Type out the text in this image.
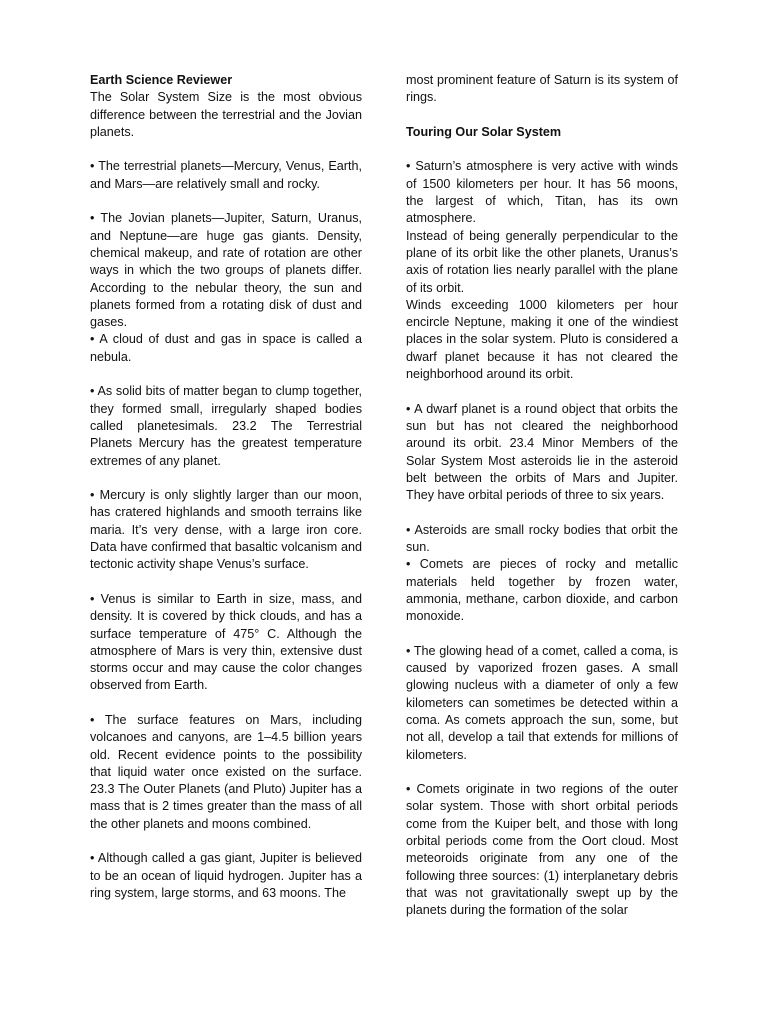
Earth Science Reviewer
The Solar System Size is the most obvious difference between the terrestrial and the Jovian planets.
• The terrestrial planets—Mercury, Venus, Earth, and Mars—are relatively small and rocky.
• The Jovian planets—Jupiter, Saturn, Uranus, and Neptune—are huge gas giants. Density, chemical makeup, and rate of rotation are other ways in which the two groups of planets differ. According to the nebular theory, the sun and planets formed from a rotating disk of dust and gases.
• A cloud of dust and gas in space is called a nebula.
• As solid bits of matter began to clump together, they formed small, irregularly shaped bodies called planetesimals. 23.2 The Terrestrial Planets Mercury has the greatest temperature extremes of any planet.
• Mercury is only slightly larger than our moon, has cratered highlands and smooth terrains like maria. It’s very dense, with a large iron core. Data have confirmed that basaltic volcanism and tectonic activity shape Venus’s surface.
• Venus is similar to Earth in size, mass, and density. It is covered by thick clouds, and has a surface temperature of 475° C. Although the atmosphere of Mars is very thin, extensive dust storms occur and may cause the color changes observed from Earth.
• The surface features on Mars, including volcanoes and canyons, are 1–4.5 billion years old. Recent evidence points to the possibility that liquid water once existed on the surface. 23.3 The Outer Planets (and Pluto) Jupiter has a mass that is 2 times greater than the mass of all the other planets and moons combined.
• Although called a gas giant, Jupiter is believed to be an ocean of liquid hydrogen. Jupiter has a ring system, large storms, and 63 moons. The
most prominent feature of Saturn is its system of rings.
Touring Our Solar System
• Saturn’s atmosphere is very active with winds of 1500 kilometers per hour. It has 56 moons, the largest of which, Titan, has its own atmosphere.
Instead of being generally perpendicular to the plane of its orbit like the other planets, Uranus’s axis of rotation lies nearly parallel with the plane of its orbit.
Winds exceeding 1000 kilometers per hour encircle Neptune, making it one of the windiest places in the solar system. Pluto is considered a dwarf planet because it has not cleared the neighborhood around its orbit.
• A dwarf planet is a round object that orbits the sun but has not cleared the neighborhood around its orbit. 23.4 Minor Members of the Solar System Most asteroids lie in the asteroid belt between the orbits of Mars and Jupiter. They have orbital periods of three to six years.
• Asteroids are small rocky bodies that orbit the sun.
• Comets are pieces of rocky and metallic materials held together by frozen water, ammonia, methane, carbon dioxide, and carbon monoxide.
• The glowing head of a comet, called a coma, is caused by vaporized frozen gases. A small glowing nucleus with a diameter of only a few kilometers can sometimes be detected within a coma. As comets approach the sun, some, but not all, develop a tail that extends for millions of kilometers.
• Comets originate in two regions of the outer solar system. Those with short orbital periods come from the Kuiper belt, and those with long orbital periods come from the Oort cloud. Most meteoroids originate from any one of the following three sources: (1) interplanetary debris that was not gravitationally swept up by the planets during the formation of the solar
